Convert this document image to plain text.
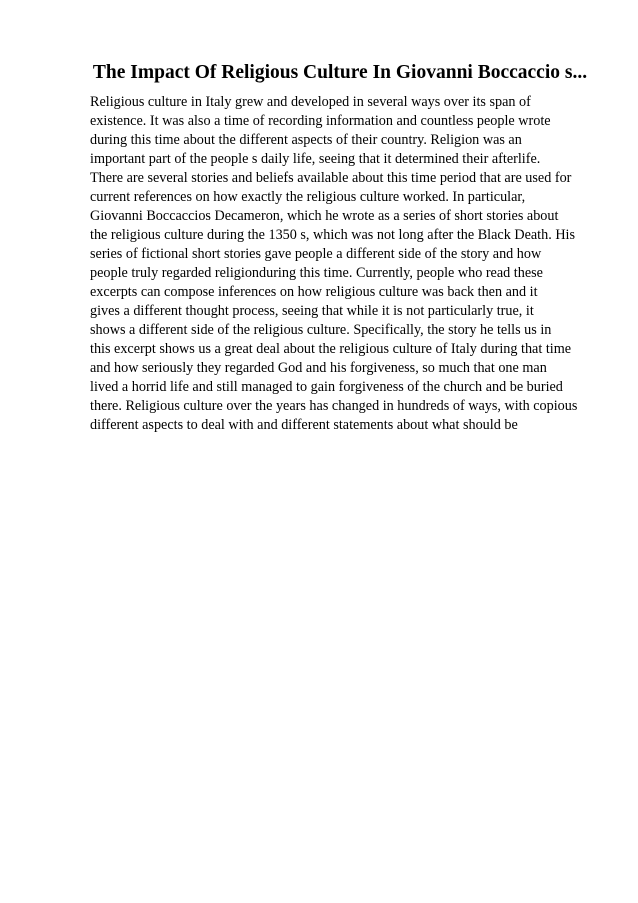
The Impact Of Religious Culture In Giovanni Boccaccio s...
Religious culture in Italy grew and developed in several ways over its span of
existence. It was also a time of recording information and countless people wrote
during this time about the different aspects of their country. Religion was an
important part of the people s daily life, seeing that it determined their afterlife.
There are several stories and beliefs available about this time period that are used for
current references on how exactly the religious culture worked. In particular,
Giovanni Boccaccios Decameron, which he wrote as a series of short stories about
the religious culture during the 1350 s, which was not long after the Black Death. His
series of fictional short stories gave people a different side of the story and how
people truly regarded religionduring this time. Currently, people who read these
excerpts can compose inferences on how religious culture was back then and it
gives a different thought process, seeing that while it is not particularly true, it
shows a different side of the religious culture. Specifically, the story he tells us in
this excerpt shows us a great deal about the religious culture of Italy during that time
and how seriously they regarded God and his forgiveness, so much that one man
lived a horrid life and still managed to gain forgiveness of the church and be buried
there. Religious culture over the years has changed in hundreds of ways, with copious
different aspects to deal with and different statements about what should be
